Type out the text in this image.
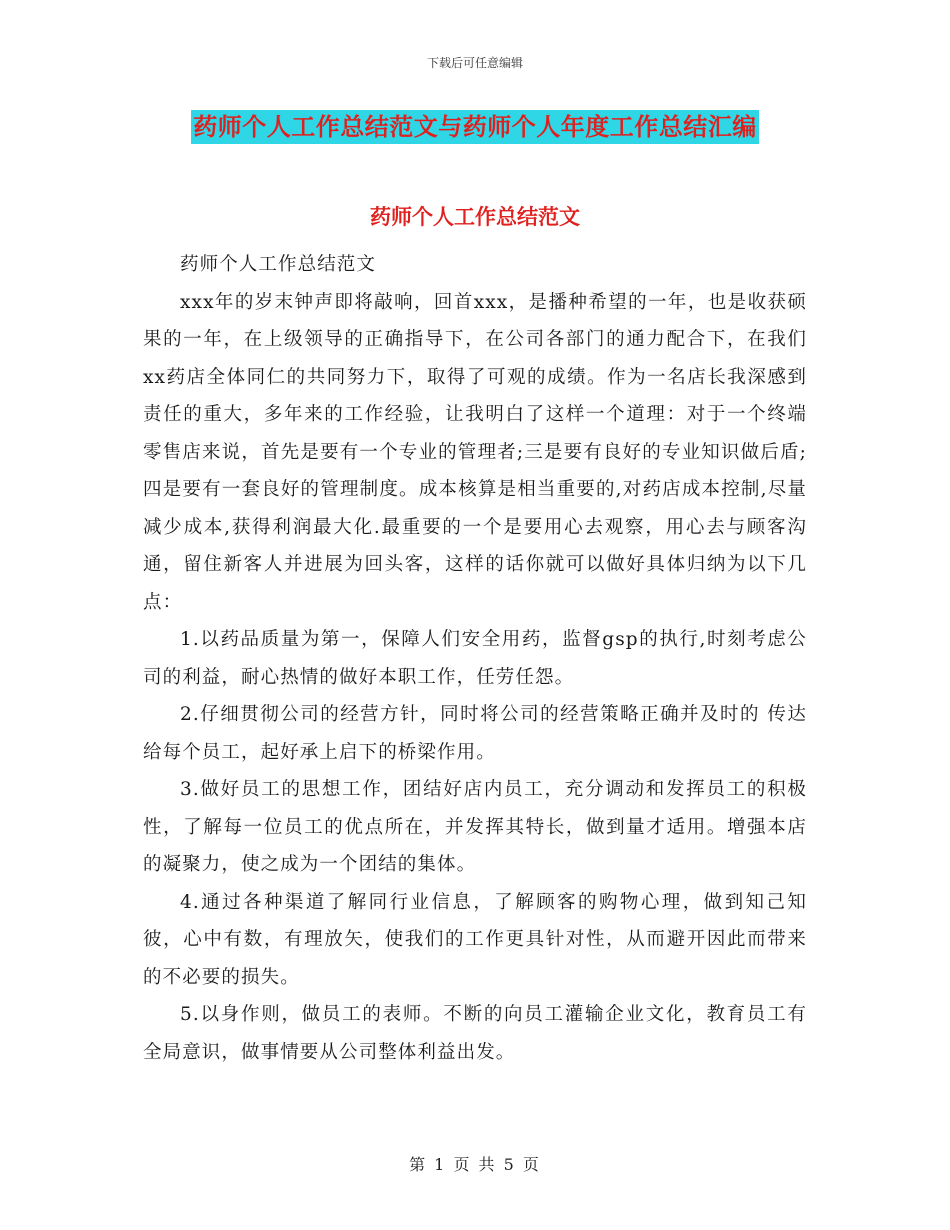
下载后可任意编辑
药师个人工作总结范文与药师个人年度工作总结汇编
药师个人工作总结范文

药师个人工作总结范文

xxx年的岁末钟声即将敲响，回首xxx，是播种希望的一年，也是收获硕果的一年，在上级领导的正确指导下，在公司各部门的通力配合下，在我们xx药店全体同仁的共同努力下，取得了可观的成绩。作为一名店长我深感到责任的重大，多年来的工作经验，让我明白了这样一个道理：对于一个终端零售店来说，首先是要有一个专业的管理者;三是要有良好的专业知识做后盾;四是要有一套良好的管理制度。成本核算是相当重要的,对药店成本控制,尽量减少成本,获得利润最大化.最重要的一个是要用心去观察，用心去与顾客沟通，留住新客人并进展为回头客，这样的话你就可以做好具体归纳为以下几点：

1.以药品质量为第一，保障人们安全用药，监督gsp的执行,时刻考虑公司的利益，耐心热情的做好本职工作，任劳任怨。

2.仔细贯彻公司的经营方针，同时将公司的经营策略正确并及时的 传达给每个员工，起好承上启下的桥梁作用。

3.做好员工的思想工作，团结好店内员工，充分调动和发挥员工的积极性，了解每一位员工的优点所在，并发挥其特长，做到量才适用。增强本店的凝聚力，使之成为一个团结的集体。

4.通过各种渠道了解同行业信息，了解顾客的购物心理，做到知己知彼，心中有数，有理放矢，使我们的工作更具针对性，从而避开因此而带来的不必要的损失。

5.以身作则，做员工的表师。不断的向员工灌输企业文化，教育员工有全局意识，做事情要从公司整体利益出发。

第 1 页 共 5 页
